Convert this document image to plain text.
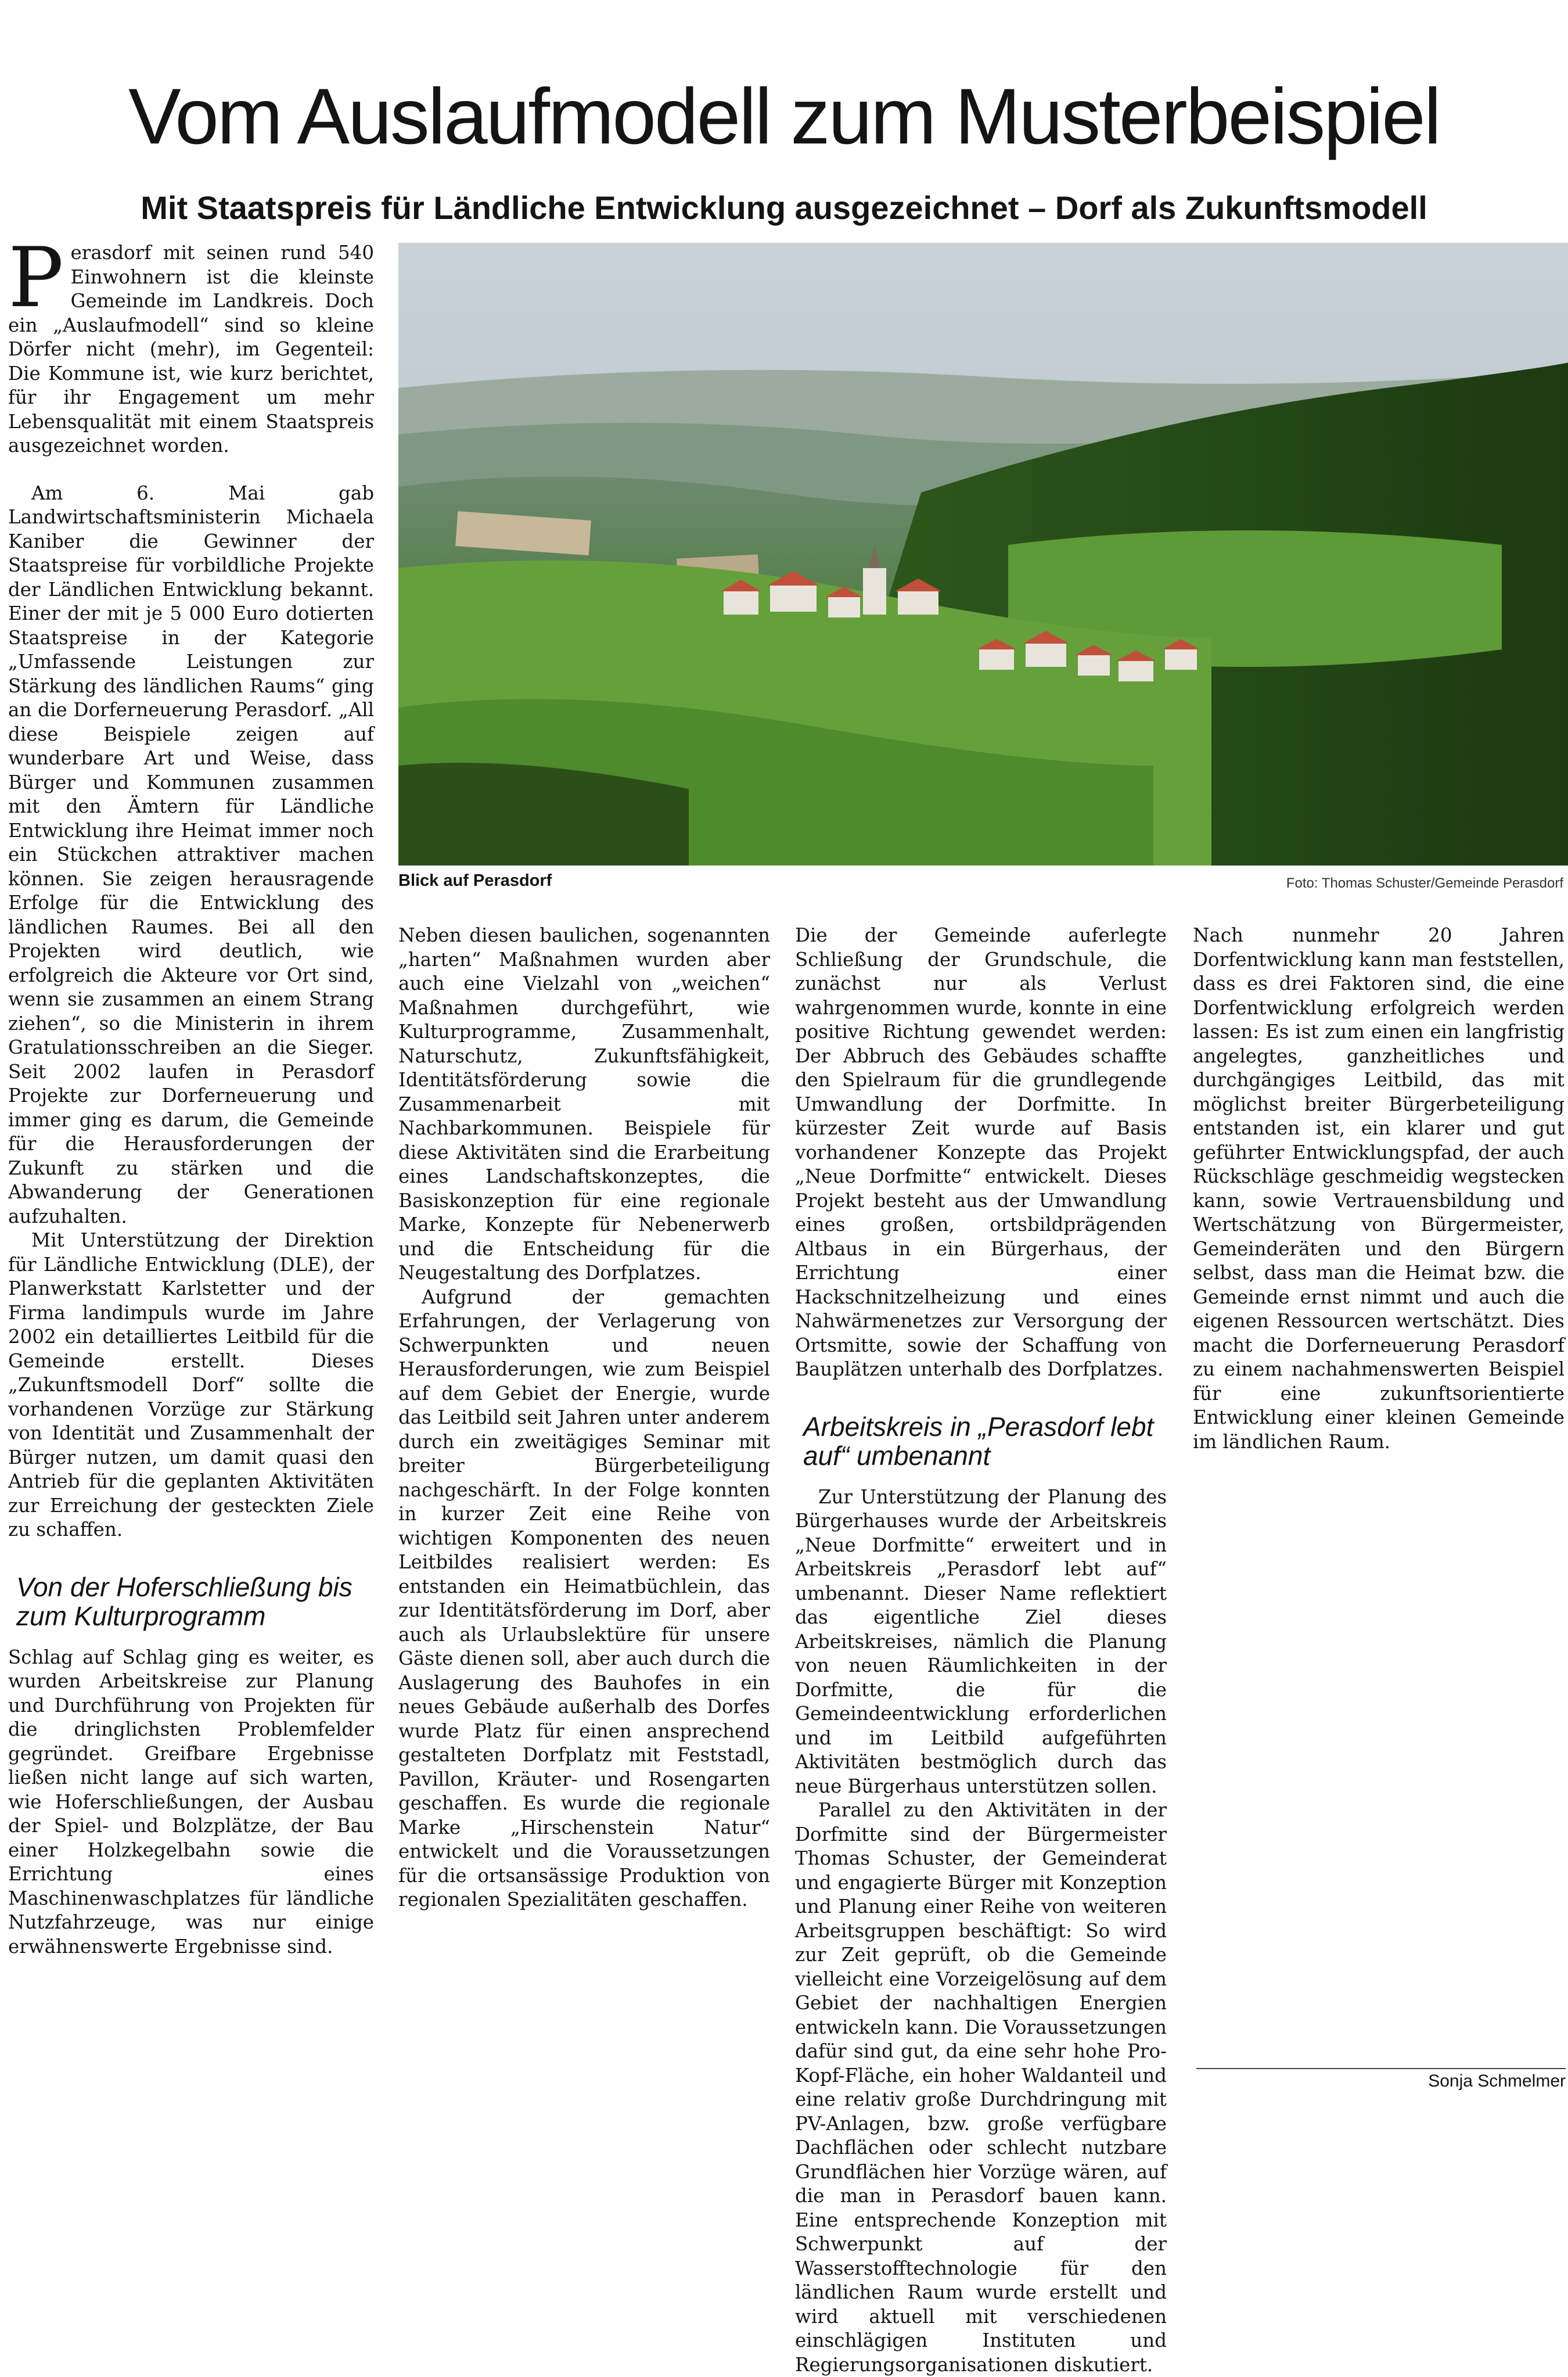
Vom Auslaufmodell zum Musterbeispiel
Mit Staatspreis für Ländliche Entwicklung ausgezeichnet – Dorf als Zukunftsmodell

Perasdorf mit seinen rund 540 Einwohnern ist die kleinste Gemeinde im Landkreis. Doch ein „Auslaufmodell“ sind so kleine Dörfer nicht (mehr), im Gegenteil: Die Kommune ist, wie kurz berichtet, für ihr Engagement um mehr Lebensqualität mit einem Staatspreis ausgezeichnet worden.

Am 6. Mai gab Landwirtschaftsministerin Michaela Kaniber die Gewinner der Staatspreise für vorbildliche Projekte der Ländlichen Entwicklung bekannt. Einer der mit je 5 000 Euro dotierten Staatspreise in der Kategorie „Umfassende Leistungen zur Stärkung des ländlichen Raums“ ging an die Dorferneuerung Perasdorf. „All diese Beispiele zeigen auf wunderbare Art und Weise, dass Bürger und Kommunen zusammen mit den Ämtern für Ländliche Entwicklung ihre Heimat immer noch ein Stückchen attraktiver machen können. Sie zeigen herausragende Erfolge für die Entwicklung des ländlichen Raumes. Bei all den Projekten wird deutlich, wie erfolgreich die Akteure vor Ort sind, wenn sie zusammen an einem Strang ziehen“, so die Ministerin in ihrem Gratulationsschreiben an die Sieger. Seit 2002 laufen in Perasdorf Projekte zur Dorferneuerung und immer ging es darum, die Gemeinde für die Herausforderungen der Zukunft zu stärken und die Abwanderung der Generationen aufzuhalten.

Mit Unterstützung der Direktion für Ländliche Entwicklung (DLE), der Planwerkstatt Karlstetter und der Firma landimpuls wurde im Jahre 2002 ein detailliertes Leitbild für die Gemeinde erstellt. Dieses „Zukunftsmodell Dorf“ sollte die vorhandenen Vorzüge zur Stärkung von Identität und Zusammenhalt der Bürger nutzen, um damit quasi den Antrieb für die geplanten Aktivitäten zur Erreichung der gesteckten Ziele zu schaffen.

Von der Hoferschließung bis zum Kulturprogramm

Schlag auf Schlag ging es weiter, es wurden Arbeitskreise zur Planung und Durchführung von Projekten für die dringlichsten Problemfelder gegründet. Greifbare Ergebnisse ließen nicht lange auf sich warten, wie Hoferschließungen, der Ausbau der Spiel- und Bolzplätze, der Bau einer Holzkegelbahn sowie die Errichtung eines Maschinenwaschplatzes für ländliche Nutzfahrzeuge, was nur einige erwähnenswerte Ergebnisse sind.

Blick auf Perasdorf	Foto: Thomas Schuster/Gemeinde Perasdorf

Neben diesen baulichen, sogenannten „harten“ Maßnahmen wurden aber auch eine Vielzahl von „weichen“ Maßnahmen durchgeführt, wie Kulturprogramme, Zusammenhalt, Naturschutz, Zukunftsfähigkeit, Identitätsförderung sowie die Zusammenarbeit mit Nachbarkommunen. Beispiele für diese Aktivitäten sind die Erarbeitung eines Landschaftskonzeptes, die Basiskonzeption für eine regionale Marke, Konzepte für Nebenerwerb und die Entscheidung für die Neugestaltung des Dorfplatzes.

Aufgrund der gemachten Erfahrungen, der Verlagerung von Schwerpunkten und neuen Herausforderungen, wie zum Beispiel auf dem Gebiet der Energie, wurde das Leitbild seit Jahren unter anderem durch ein zweitägiges Seminar mit breiter Bürgerbeteiligung nachgeschärft. In der Folge konnten in kurzer Zeit eine Reihe von wichtigen Komponenten des neuen Leitbildes realisiert werden: Es entstanden ein Heimatbüchlein, das zur Identitätsförderung im Dorf, aber auch als Urlaubslektüre für unsere Gäste dienen soll, aber auch durch die Auslagerung des Bauhofes in ein neues Gebäude außerhalb des Dorfes wurde Platz für einen ansprechend gestalteten Dorfplatz mit Feststadl, Pavillon, Kräuter- und Rosengarten geschaffen. Es wurde die regionale Marke „Hirschenstein Natur“ entwickelt und die Voraussetzungen für die ortsansässige Produktion von regionalen Spezialitäten geschaffen.

Die der Gemeinde auferlegte Schließung der Grundschule, die zunächst nur als Verlust wahrgenommen wurde, konnte in eine positive Richtung gewendet werden: Der Abbruch des Gebäudes schaffte den Spielraum für die grundlegende Umwandlung der Dorfmitte. In kürzester Zeit wurde auf Basis vorhandener Konzepte das Projekt „Neue Dorfmitte“ entwickelt. Dieses Projekt besteht aus der Umwandlung eines großen, ortsbildprägenden Altbaus in ein Bürgerhaus, der Errichtung einer Hackschnitzelheizung und eines Nahwärmenetzes zur Versorgung der Ortsmitte, sowie der Schaffung von Bauplätzen unterhalb des Dorfplatzes.

Arbeitskreis in „Perasdorf lebt auf“ umbenannt

Zur Unterstützung der Planung des Bürgerhauses wurde der Arbeitskreis „Neue Dorfmitte“ erweitert und in Arbeitskreis „Perasdorf lebt auf“ umbenannt. Dieser Name reflektiert das eigentliche Ziel dieses Arbeitskreises, nämlich die Planung von neuen Räumlichkeiten in der Dorfmitte, die für die Gemeindeentwicklung erforderlichen und im Leitbild aufgeführten Aktivitäten bestmöglich durch das neue Bürgerhaus unterstützen sollen.

Parallel zu den Aktivitäten in der Dorfmitte sind der Bürgermeister Thomas Schuster, der Gemeinderat und engagierte Bürger mit Konzeption und Planung einer Reihe von weiteren Arbeitsgruppen beschäftigt: So wird zur Zeit geprüft, ob die Gemeinde vielleicht eine Vorzeigelösung auf dem Gebiet der nachhaltigen Energien entwickeln kann. Die Voraussetzungen dafür sind gut, da eine sehr hohe Pro-Kopf-Fläche, ein hoher Waldanteil und eine relativ große Durchdringung mit PV-Anlagen, bzw. große verfügbare Dachflächen oder schlecht nutzbare Grundflächen hier Vorzüge wären, auf die man in Perasdorf bauen kann. Eine entsprechende Konzeption mit Schwerpunkt auf der Wasserstofftechnologie für den ländlichen Raum wurde erstellt und wird aktuell mit verschiedenen einschlägigen Instituten und Regierungsorganisationen diskutiert.

Nach nunmehr 20 Jahren Dorfentwicklung kann man feststellen, dass es drei Faktoren sind, die eine Dorfentwicklung erfolgreich werden lassen: Es ist zum einen ein langfristig angelegtes, ganzheitliches und durchgängiges Leitbild, das mit möglichst breiter Bürgerbeteiligung entstanden ist, ein klarer und gut geführter Entwicklungspfad, der auch Rückschläge geschmeidig wegstecken kann, sowie Vertrauensbildung und Wertschätzung von Bürgermeister, Gemeinderäten und den Bürgern selbst, dass man die Heimat bzw. die Gemeinde ernst nimmt und auch die eigenen Ressourcen wertschätzt. Dies macht die Dorferneuerung Perasdorf zu einem nachahmenswerten Beispiel für eine zukunftsorientierte Entwicklung einer kleinen Gemeinde im ländlichen Raum.

Sonja Schmelmer
